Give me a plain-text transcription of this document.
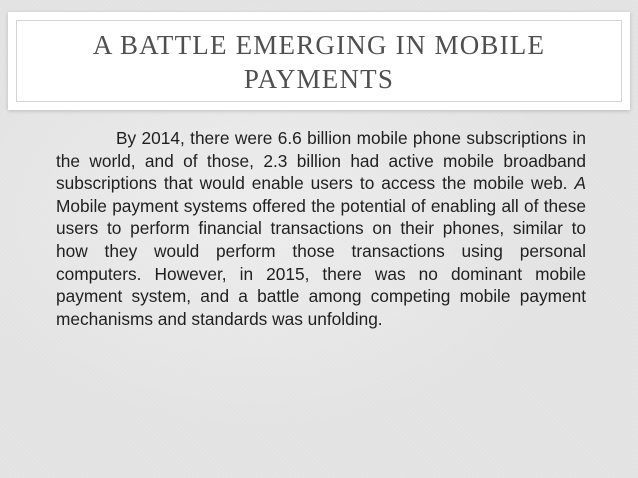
A BATTLE EMERGING IN MOBILE PAYMENTS

By 2014, there were 6.6 billion mobile phone subscriptions in the world, and of those, 2.3 billion had active mobile broadband subscriptions that would enable users to access the mobile web. A Mobile payment systems offered the potential of enabling all of these users to perform financial transactions on their phones, similar to how they would perform those transactions using personal computers. However, in 2015, there was no dominant mobile payment system, and a battle among competing mobile payment mechanisms and standards was unfolding.
